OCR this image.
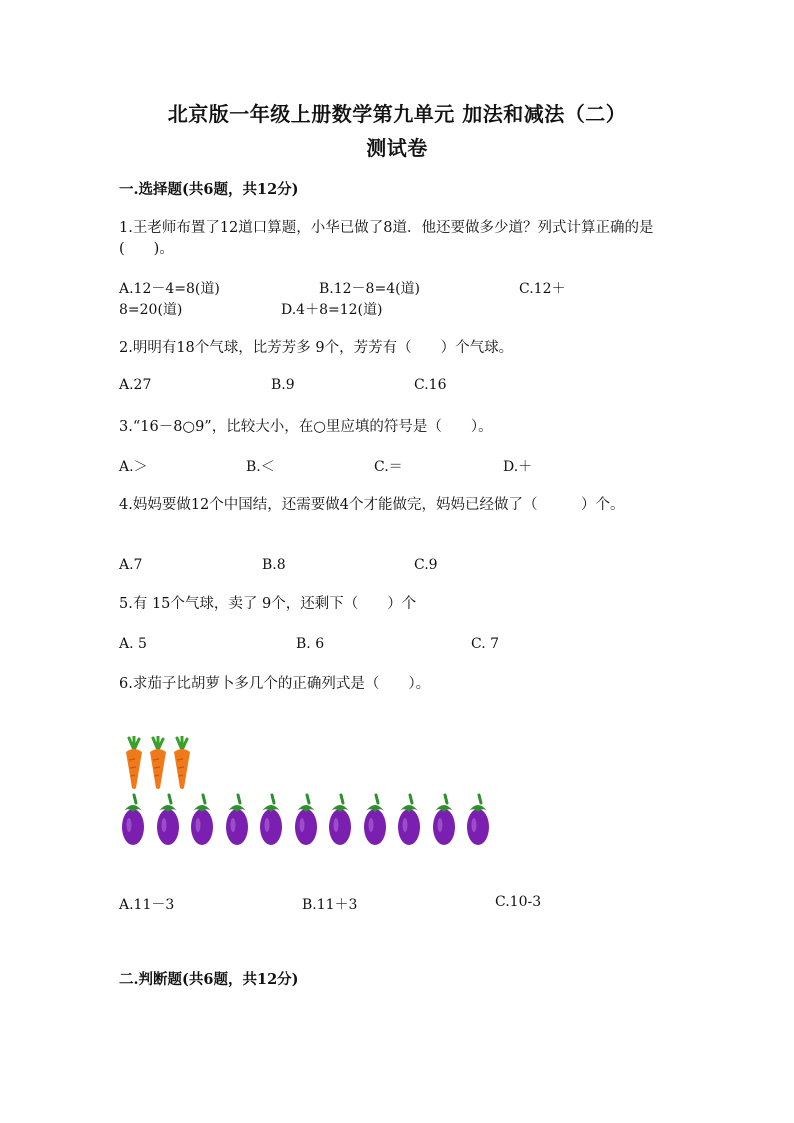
北京版一年级上册数学第九单元 加法和减法（二）
测试卷
一.选择题(共6题，共12分)
1.王老师布置了12道口算题，小华已做了8道．他还要做多少道？列式计算正确的是(　　)。
A.12－4=8(道)	B.12－8=4(道)	C.12＋
8=20(道)	D.4＋8=12(道)
2.明明有18个气球，比芳芳多 9个，芳芳有（　　）个气球。
A.27	B.9	C.16
3.“16－8○9”，比较大小，在○里应填的符号是（　　）。
A.＞	B.＜	C.＝	D.＋
4.妈妈要做12个中国结，还需要做4个才能做完，妈妈已经做了（　　　）个。
A.7	B.8	C.9
5.有 15个气球，卖了 9个，还剩下（　　）个
A. 5	B. 6	C. 7
6.求茄子比胡萝卜多几个的正确列式是（　　）。
A.11－3	B.11＋3	C.10-3
二.判断题(共6题，共12分)
